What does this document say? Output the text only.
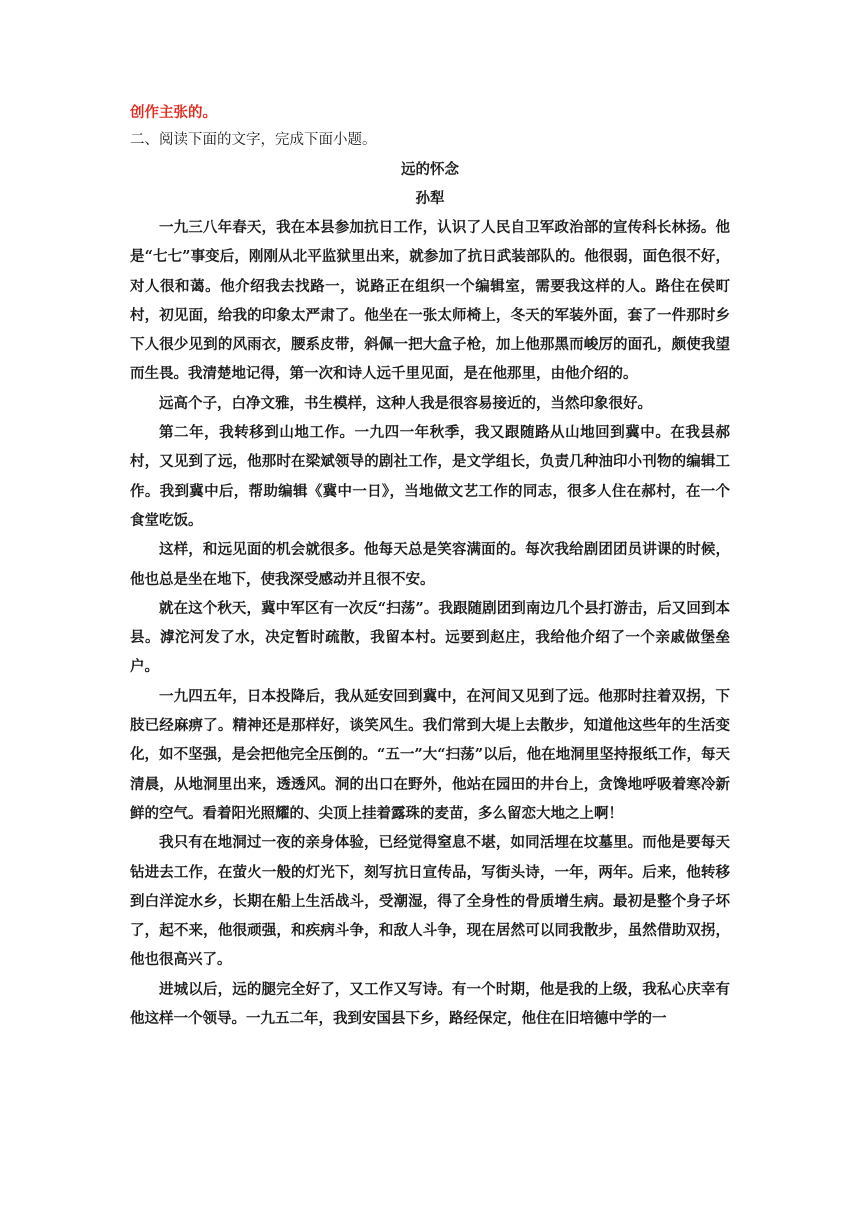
创作主张的。
二、阅读下面的文字，完成下面小题。
远的怀念
孙犁

一九三八年春天，我在本县参加抗日工作，认识了人民自卫军政治部的宣传科长林扬。他是“七七”事变后，刚刚从北平监狱里出来，就参加了抗日武装部队的。他很弱，面色很不好，对人很和蔼。他介绍我去找路一，说路正在组织一个编辑室，需要我这样的人。路住在侯町村，初见面，给我的印象太严肃了。他坐在一张太师椅上，冬天的军装外面，套了一件那时乡下人很少见到的风雨衣，腰系皮带，斜佩一把大盒子枪，加上他那黑而峻厉的面孔，颇使我望而生畏。我清楚地记得，第一次和诗人远千里见面，是在他那里，由他介绍的。

远高个子，白净文雅，书生模样，这种人我是很容易接近的，当然印象很好。

第二年，我转移到山地工作。一九四一年秋季，我又跟随路从山地回到冀中。在我县郝村，又见到了远，他那时在梁斌领导的剧社工作，是文学组长，负责几种油印小刊物的编辑工作。我到冀中后，帮助编辑《冀中一日》，当地做文艺工作的同志，很多人住在郝村，在一个食堂吃饭。

这样，和远见面的机会就很多。他每天总是笑容满面的。每次我给剧团团员讲课的时候，他也总是坐在地下，使我深受感动并且很不安。

就在这个秋天，冀中军区有一次反“扫荡”。我跟随剧团到南边几个县打游击，后又回到本县。滹沱河发了水，决定暂时疏散，我留本村。远要到赵庄，我给他介绍了一个亲戚做堡垒户。

一九四五年，日本投降后，我从延安回到冀中，在河间又见到了远。他那时拄着双拐，下肢已经麻痹了。精神还是那样好，谈笑风生。我们常到大堤上去散步，知道他这些年的生活变化，如不坚强，是会把他完全压倒的。“五一”大“扫荡”以后，他在地洞里坚持报纸工作，每天清晨，从地洞里出来，透透风。洞的出口在野外，他站在园田的井台上，贪馋地呼吸着寒冷新鲜的空气。看着阳光照耀的、尖顶上挂着露珠的麦苗，多么留恋大地之上啊！

我只有在地洞过一夜的亲身体验，已经觉得窒息不堪，如同活埋在坟墓里。而他是要每天钻进去工作，在萤火一般的灯光下，刻写抗日宣传品，写街头诗，一年，两年。后来，他转移到白洋淀水乡，长期在船上生活战斗，受潮湿，得了全身性的骨质增生病。最初是整个身子坏了，起不来，他很顽强，和疾病斗争，和敌人斗争，现在居然可以同我散步，虽然借助双拐，他也很高兴了。

进城以后，远的腿完全好了，又工作又写诗。有一个时期，他是我的上级，我私心庆幸有他这样一个领导。一九五二年，我到安国县下乡，路经保定，他住在旧培德中学的一
